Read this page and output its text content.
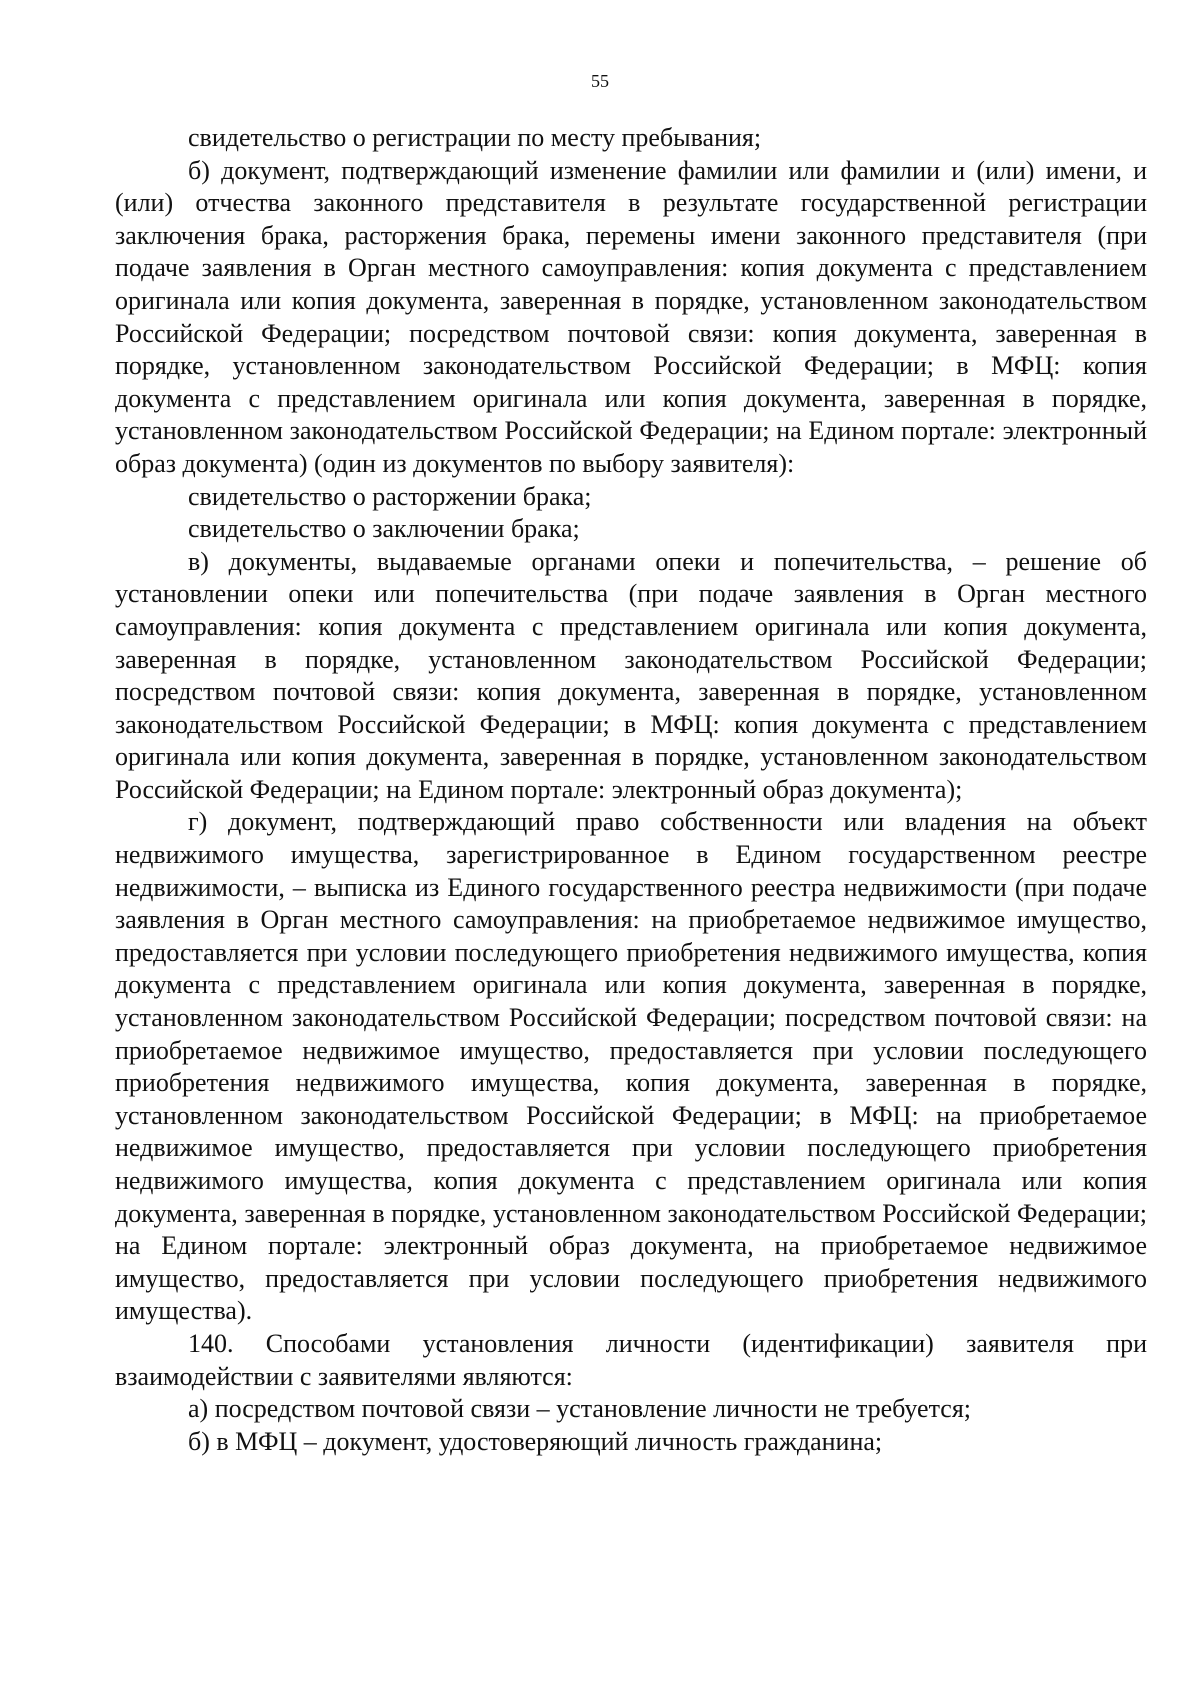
55

свидетельство о регистрации по месту пребывания;

б) документ, подтверждающий изменение фамилии или фамилии и (или) имени, и (или) отчества законного представителя в результате государственной регистрации заключения брака, расторжения брака, перемены имени законного представителя (при подаче заявления в Орган местного самоуправления: копия документа с представлением оригинала или копия документа, заверенная в порядке, установленном законодательством Российской Федерации; посредством почтовой связи: копия документа, заверенная в порядке, установленном законодательством Российской Федерации; в МФЦ: копия документа с представлением оригинала или копия документа, заверенная в порядке, установленном законодательством Российской Федерации; на Едином портале: электронный образ документа) (один из документов по выбору заявителя):

свидетельство о расторжении брака;

свидетельство о заключении брака;

в) документы, выдаваемые органами опеки и попечительства, – решение об установлении опеки или попечительства (при подаче заявления в Орган местного самоуправления: копия документа с представлением оригинала или копия документа, заверенная в порядке, установленном законодательством Российской Федерации; посредством почтовой связи: копия документа, заверенная в порядке, установленном законодательством Российской Федерации; в МФЦ: копия документа с представлением оригинала или копия документа, заверенная в порядке, установленном законодательством Российской Федерации; на Едином портале: электронный образ документа);

г) документ, подтверждающий право собственности или владения на объект недвижимого имущества, зарегистрированное в Едином государственном реестре недвижимости, – выписка из Единого государственного реестра недвижимости (при подаче заявления в Орган местного самоуправления: на приобретаемое недвижимое имущество, предоставляется при условии последующего приобретения недвижимого имущества, копия документа с представлением оригинала или копия документа, заверенная в порядке, установленном законодательством Российской Федерации; посредством почтовой связи: на приобретаемое недвижимое имущество, предоставляется при условии последующего приобретения недвижимого имущества, копия документа, заверенная в порядке, установленном законодательством Российской Федерации; в МФЦ: на приобретаемое недвижимое имущество, предоставляется при условии последующего приобретения недвижимого имущества, копия документа с представлением оригинала или копия документа, заверенная в порядке, установленном законодательством Российской Федерации; на Едином портале: электронный образ документа, на приобретаемое недвижимое имущество, предоставляется при условии последующего приобретения недвижимого имущества).

140. Способами установления личности (идентификации) заявителя при взаимодействии с заявителями являются:

а) посредством почтовой связи – установление личности не требуется;

б) в МФЦ – документ, удостоверяющий личность гражданина;
